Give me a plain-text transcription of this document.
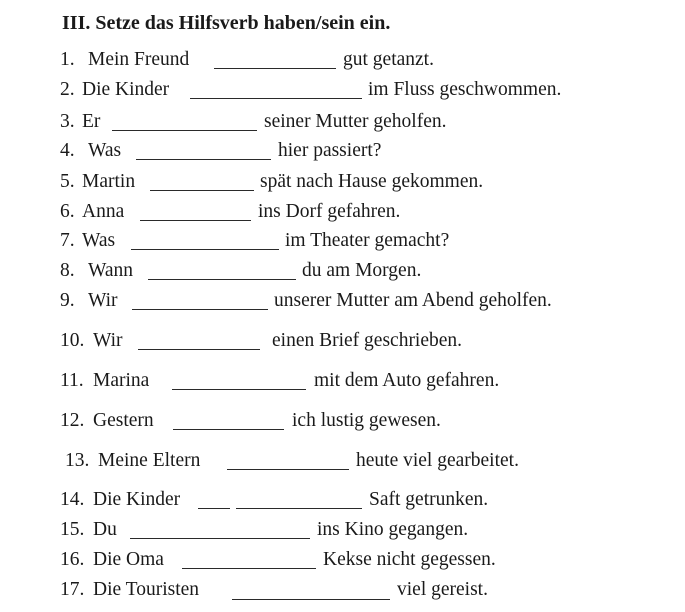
III. Setze das Hilfsverb haben/sein ein.
1. Mein Freund	gut getanzt.
2. Die Kinder	im Fluss geschwommen.
3. Er	seiner Mutter geholfen.
4. Was	hier passiert?
5. Martin	spät nach Hause gekommen.
6. Anna	ins Dorf gefahren.
7. Was	im Theater gemacht?
8. Wann	du am Morgen.
9. Wir	unserer Mutter am Abend geholfen.
10. Wir	einen Brief geschrieben.
11. Marina	mit dem Auto gefahren.
12. Gestern	ich lustig gewesen.
13. Meine Eltern	heute viel gearbeitet.
14. Die Kinder	Saft getrunken.
15. Du	ins Kino gegangen.
16. Die Oma	Kekse nicht gegessen.
17. Die Touristen	viel gereist.
